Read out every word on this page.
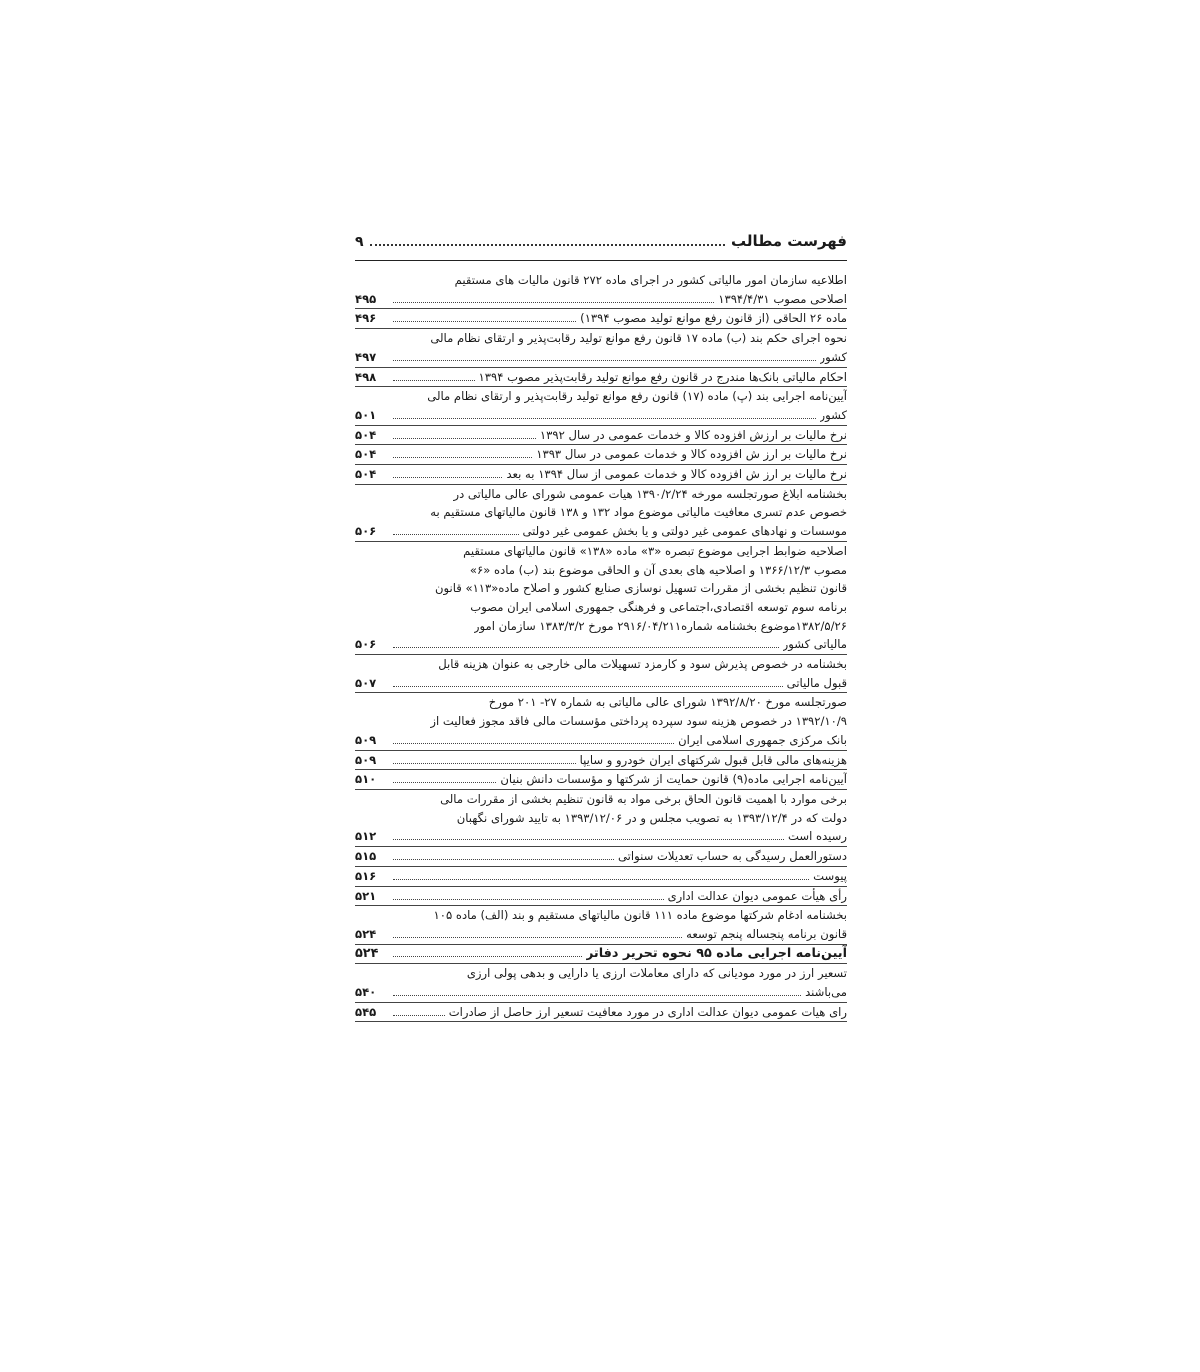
فهرست مطالب
۹
اطلاعیه سازمان امور مالیاتی کشور در اجرای ماده ۲۷۲ قانون مالیات های مستقیم
اصلاحی مصوب ۱۳۹۴/۴/۳۱
۴۹۵
ماده ۲۶ الحاقی (از قانون رفع موانع تولید مصوب ۱۳۹۴)
۴۹۶
نحوه اجرای حکم بند (ب) ماده ۱۷ قانون رفع موانع تولید رقابت‌پذیر و ارتقای نظام مالی
کشور
۴۹۷
احکام مالیاتی بانک‌ها مندرج در قانون رفع موانع تولید رقابت‌پذیر مصوب ۱۳۹۴
۴۹۸
آیین‌نامه اجرایی بند (پ) ماده (۱۷) قانون رفع موانع تولید رقابت‌پذیر و ارتقای نظام مالی
کشور
۵۰۱
نرخ مالیات بر ارزش افزوده کالا و خدمات عمومی در سال ۱۳۹۲
۵۰۴
نرخ مالیات بر ارز ش افزوده کالا و خدمات عمومی در سال ۱۳۹۳
۵۰۴
نرخ مالیات بر ارز ش افزوده کالا و خدمات عمومی از سال ۱۳۹۴ به بعد
۵۰۴
بخشنامه ابلاغ صورتجلسه مورخه ۱۳۹۰/۲/۲۴ هیات عمومی شورای عالی مالیاتی در
خصوص عدم تسری معافیت مالیاتی موضوع مواد ۱۳۲ و ۱۳۸ قانون مالیاتهای مستقیم به
موسسات و نهادهای عمومی غیر دولتی و یا بخش عمومی غیر دولتی
۵۰۶
اصلاحیه ضوابط اجرایی موضوع تبصره «۳» ماده «۱۳۸» قانون مالیاتهای مستقیم
مصوب ۱۳۶۶/۱۲/۳ و اصلاحیه های بعدی آن و الحاقی موضوع بند (ب) ماده «۶»
قانون تنظیم بخشی از مقررات تسهیل نوسازی صنایع کشور و اصلاح ماده«۱۱۳» قانون
برنامه سوم توسعه اقتصادی،اجتماعی و فرهنگی جمهوری اسلامی ایران مصوب
۱۳۸۲/۵/۲۶موضوع بخشنامه شماره۲۹۱۶/۰۴‌/۲۱۱ مورخ ۱۳۸۳/۳/۲ سازمان امور
مالیاتی کشور
۵۰۶
بخشنامه در خصوص پذیرش سود و کارمزد تسهیلات مالی خارجی به عنوان هزینه قابل
قبول مالیاتی
۵۰۷
صورتجلسه مورخ ۱۳۹۲/۸/۲۰ شورای عالی مالیاتی به شماره ۲۷- ۲۰۱ مورخ
۱۳۹۲/۱۰/۹ در خصوص هزینه سود سپرده پرداختی مؤسسات مالی فاقد مجوز فعالیت از
بانک مرکزی جمهوری اسلامی ایران
۵۰۹
هزینه‌های مالی قابل قبول شرکتهای ایران خودرو و سایپا
۵۰۹
آیین‌نامه اجرایی ماده(۹) قانون حمایت از شرکتها و مؤسسات دانش بنیان
۵۱۰
برخی موارد با اهمیت قانون الحاق برخی مواد به قانون تنظیم بخشی از مقررات مالی
دولت که در ۱۳۹۳/۱۲/۴ به تصویب مجلس و در ۱۳۹۳/۱۲/۰۶ به تایید شورای نگهبان
رسیده است
۵۱۲
دستورالعمل رسیدگی به حساب تعدیلات سنواتی
۵۱۵
پیوست
۵۱۶
رأی هیأت عمومی دیوان عدالت اداری
۵۲۱
بخشنامه ادغام شرکتها موضوع ماده ۱۱۱ قانون مالیاتهای مستقیم و بند (الف) ماده ۱۰۵
قانون برنامه پنجساله پنجم توسعه
۵۲۴
آیین‌نامه اجرایی ماده ۹۵ نحوه تحریر دفاتر
۵۲۴
تسعیر ارز در مورد مودیانی که دارای معاملات ارزی یا دارایی و بدهی پولی ارزی
می‌باشند
۵۴۰
رای هیات عمومی دیوان عدالت اداری در مورد معافیت تسعیر ارز حاصل از صادرات
۵۴۵
